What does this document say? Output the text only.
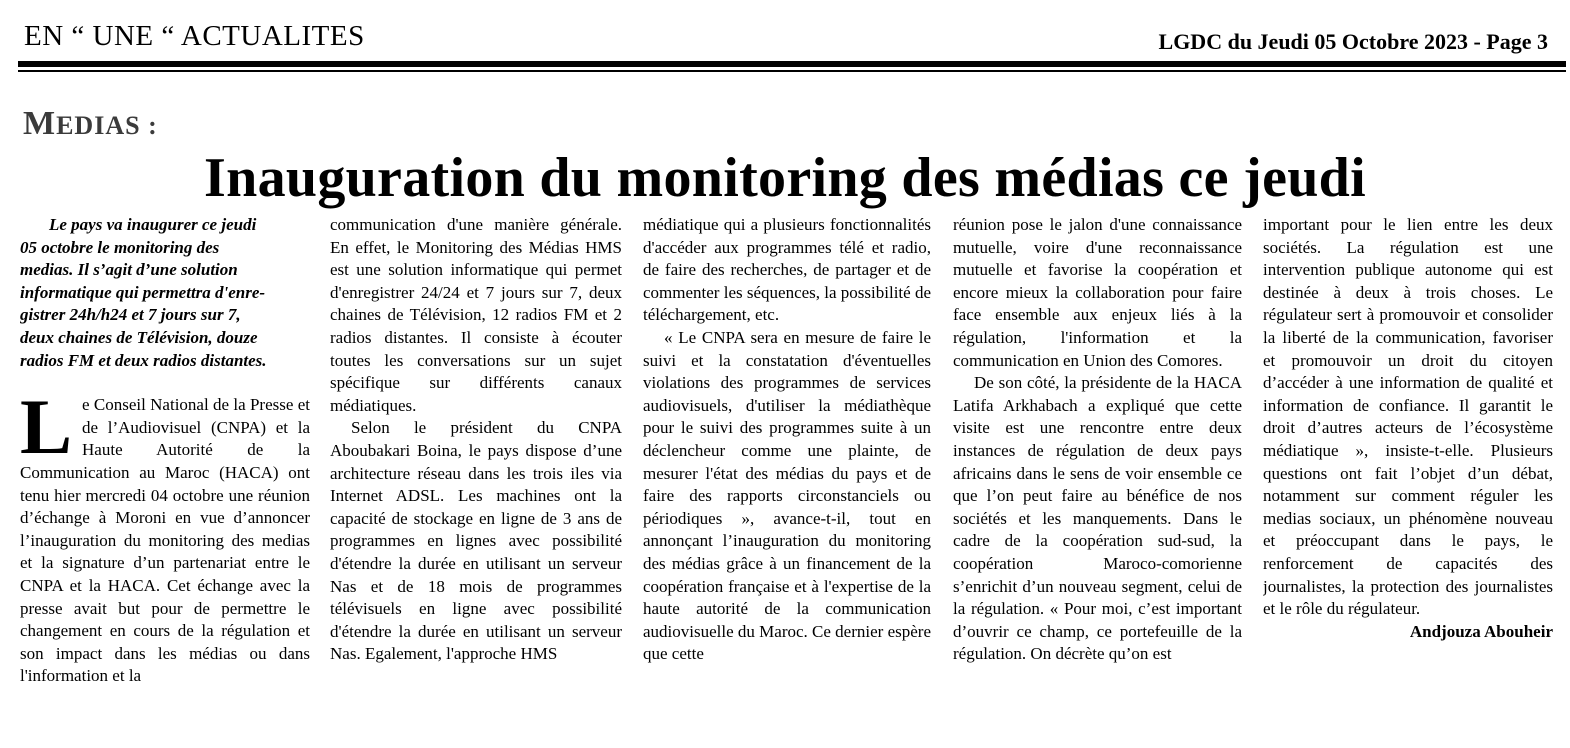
EN “ UNE “ ACTUALITES	LGDC du Jeudi 05 Octobre 2023 - Page 3
MEDIAS :
Inauguration du monitoring des médias ce jeudi
Le pays va inaugurer ce jeudi
05 octobre le monitoring des
medias. Il s’agit d’une solution
informatique qui permettra d'enre-
gistrer 24h/h24 et 7 jours sur 7,
deux chaines de Télévision, douze
radios FM et deux radios distantes.

Le Conseil National de la Presse et de l’Audiovisuel (CNPA) et la Haute Autorité de la Communication au Maroc (HACA) ont tenu hier mercredi 04 octobre une réunion d’échange à Moroni en vue d’annoncer l’inauguration du monitoring des medias et la signature d’un partenariat entre le CNPA et la HACA. Cet échange avec la presse avait but pour de permettre le changement en cours de la régulation et son impact dans les médias ou dans l'information et la

communication d'une manière générale. En effet, le Monitoring des Médias HMS est une solution informatique qui permet d'enregistrer 24/24 et 7 jours sur 7, deux chaines de Télévision, 12 radios FM et 2 radios distantes. Il consiste à écouter toutes les conversations sur un sujet spécifique sur différents canaux médiatiques.

Selon le président du CNPA Aboubakari Boina, le pays dispose d’une architecture réseau dans les trois iles via Internet ADSL. Les machines ont la capacité de stockage en ligne de 3 ans de programmes en lignes avec possibilité d'étendre la durée en utilisant un serveur Nas et de 18 mois de programmes télévisuels en ligne avec possibilité d'étendre la durée en utilisant un serveur Nas. Egalement, l'approche HMS

médiatique qui a plusieurs fonctionnalités d'accéder aux programmes télé et radio, de faire des recherches, de partager et de commenter les séquences, la possibilité de téléchargement, etc.

« Le CNPA sera en mesure de faire le suivi et la constatation d'éventuelles violations des programmes de services audiovisuels, d'utiliser la médiathèque pour le suivi des programmes suite à un déclencheur comme une plainte, de mesurer l'état des médias du pays et de faire des rapports circonstanciels ou périodiques », avance-t-il, tout en annonçant l’inauguration du monitoring des médias grâce à un financement de la coopération française et à l'expertise de la haute autorité de la communication audiovisuelle du Maroc. Ce dernier espère que cette

réunion pose le jalon d'une connaissance mutuelle, voire d'une reconnaissance mutuelle et favorise la coopération et encore mieux la collaboration pour faire face ensemble aux enjeux liés à la régulation, l'information et la communication en Union des Comores.

De son côté, la présidente de la HACA Latifa Arkhabach a expliqué que cette visite est une rencontre entre deux instances de régulation de deux pays africains dans le sens de voir ensemble ce que l’on peut faire au bénéfice de nos sociétés et les manquements. Dans le cadre de la coopération sud-sud, la coopération Maroco-comorienne s’enrichit d’un nouveau segment, celui de la régulation. « Pour moi, c’est important d’ouvrir ce champ, ce portefeuille de la régulation. On décrète qu’on est

important pour le lien entre les deux sociétés. La régulation est une intervention publique autonome qui est destinée à deux à trois choses. Le régulateur sert à promouvoir et consolider la liberté de la communication, favoriser et promouvoir un droit du citoyen d’accéder à une information de qualité et information de confiance. Il garantit le droit d’autres acteurs de l’écosystème médiatique », insiste-t-elle. Plusieurs questions ont fait l’objet d’un débat, notamment sur comment réguler les medias sociaux, un phénomène nouveau et préoccupant dans le pays, le renforcement de capacités des journalistes, la protection des journalistes et le rôle du régulateur.

Andjouza Abouheir
